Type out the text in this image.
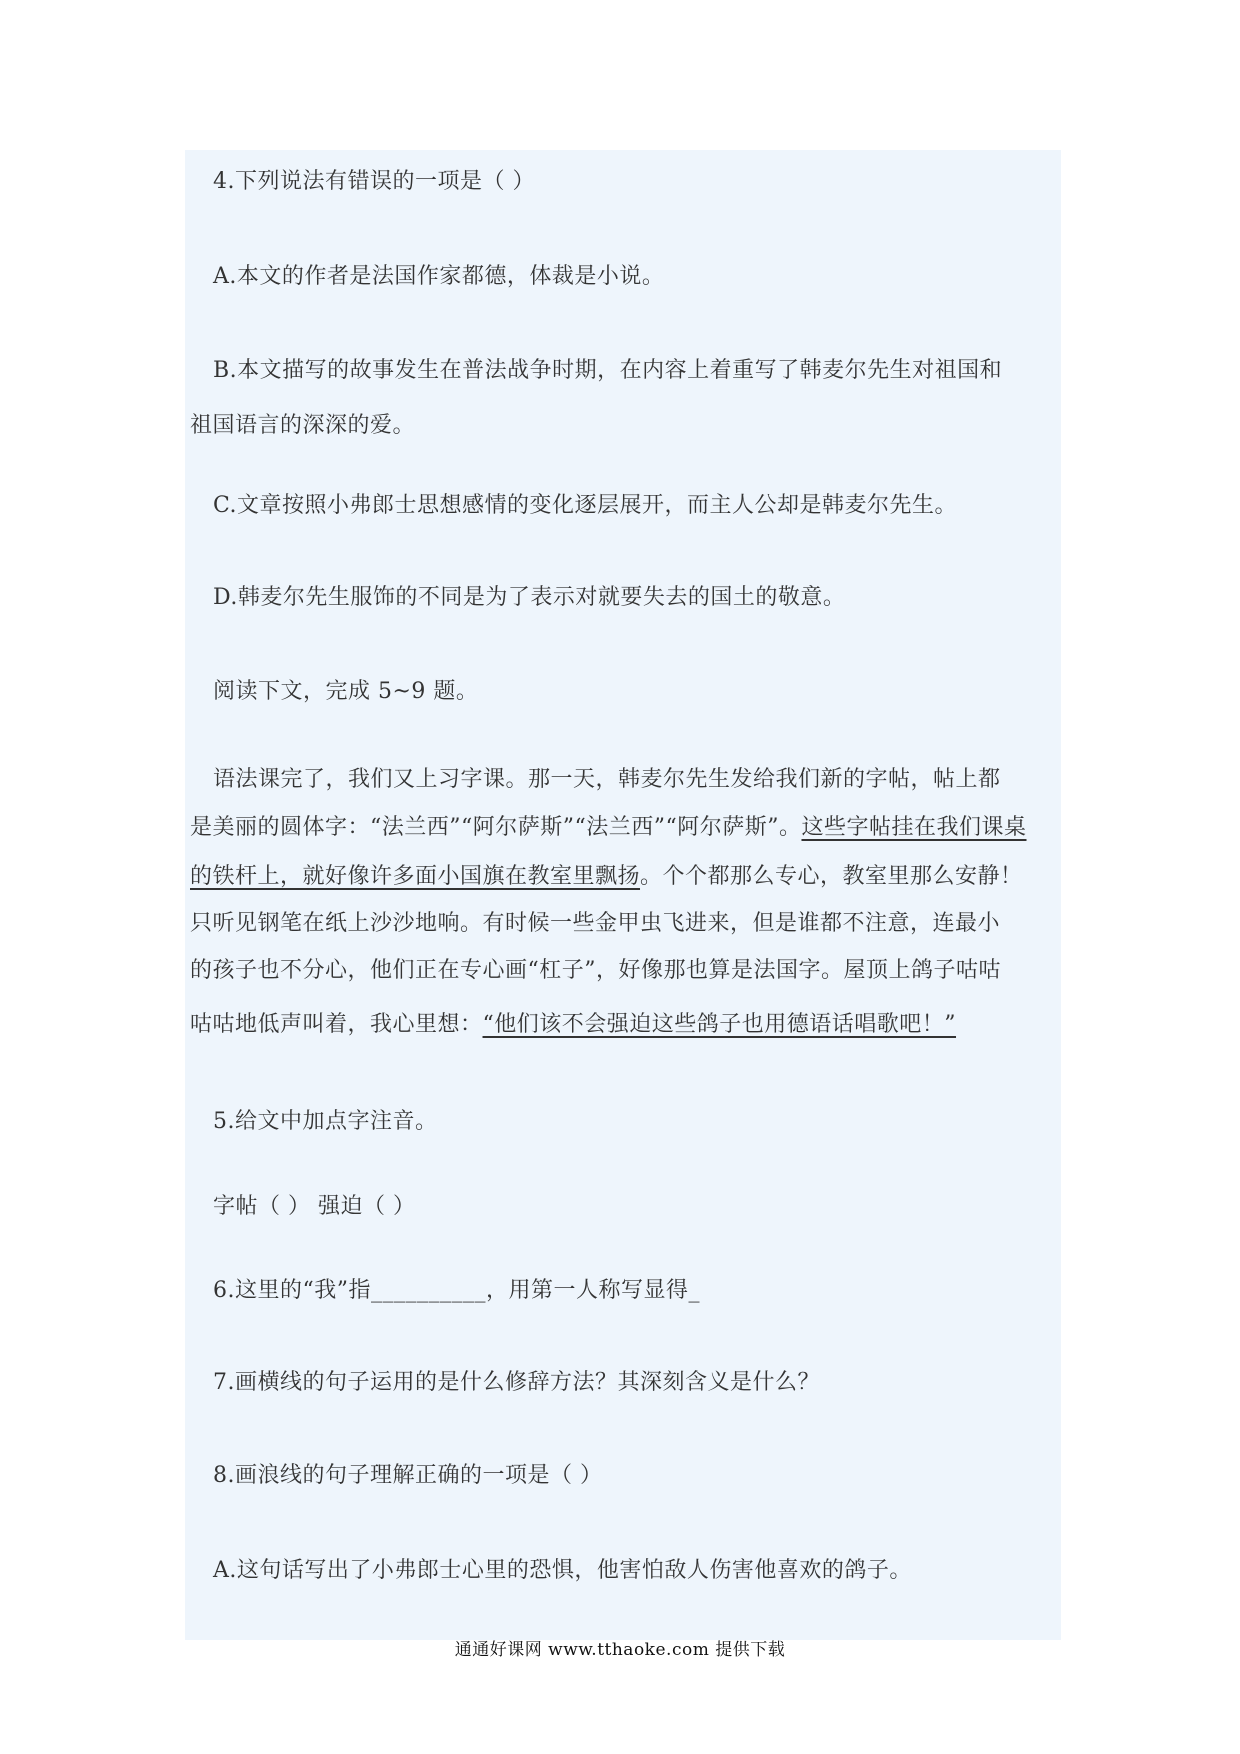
4.下列说法有错误的一项是（ ）
A.本文的作者是法国作家都德，体裁是小说。
B.本文描写的故事发生在普法战争时期，在内容上着重写了韩麦尔先生对祖国和
祖国语言的深深的爱。
C.文章按照小弗郎士思想感情的变化逐层展开，而主人公却是韩麦尔先生。
D.韩麦尔先生服饰的不同是为了表示对就要失去的国土的敬意。
阅读下文，完成 5~9 题。
语法课完了，我们又上习字课。那一天，韩麦尔先生发给我们新的字帖，帖上都
是美丽的圆体字：“法兰西”“阿尔萨斯”“法兰西”“阿尔萨斯”。这些字帖挂在我们课桌
的铁杆上，就好像许多面小国旗在教室里飘扬。个个都那么专心，教室里那么安静！
只听见钢笔在纸上沙沙地响。有时候一些金甲虫飞进来，但是谁都不注意，连最小
的孩子也不分心，他们正在专心画“杠子”，好像那也算是法国字。屋顶上鸽子咕咕
咕咕地低声叫着，我心里想：“他们该不会强迫这些鸽子也用德语话唱歌吧！”
5.给文中加点字注音。
字帖（ ） 强迫（ ）
6.这里的“我”指__________，用第一人称写显得_
7.画横线的句子运用的是什么修辞方法？其深刻含义是什么？
8.画浪线的句子理解正确的一项是（ ）
A.这句话写出了小弗郎士心里的恐惧，他害怕敌人伤害他喜欢的鸽子。
通通好课网 www.tthaoke.com 提供下载
